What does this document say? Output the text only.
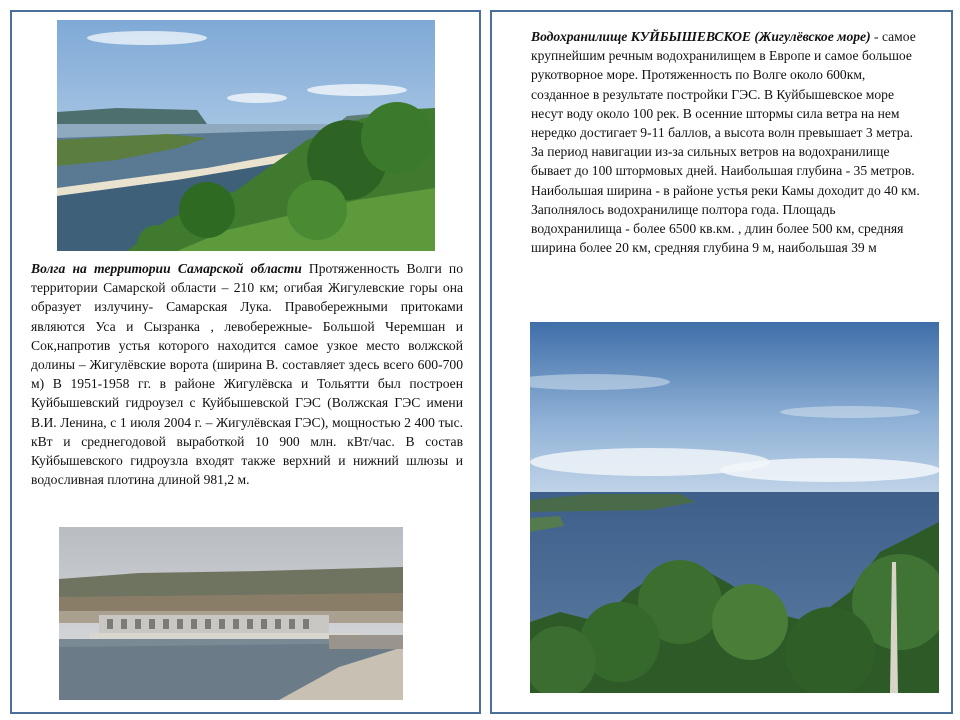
Волга на территории Самарской области Протяженность Волги по территории Самарской области – 210 км; огибая Жигулевские горы она образует излучину- Самарская Лука. Правобережными притоками являются Уса и Сызранка , левобережные- Большой Черемшан и Сок,напротив устья которого находится самое узкое место волжской долины – Жигулёвские ворота (ширина В. составляет здесь всего 600-700 м) В 1951-1958 гг. в районе Жигулёвска и Тольятти был построен Куйбышевский гидроузел с Куйбышевской ГЭС (Волжская ГЭС имени В.И. Ленина, с 1 июля 2004 г. – Жигулёвская ГЭС), мощностью 2 400 тыс. кВт и среднегодовой выработкой 10 900 млн. кВт/час. В состав Куйбышевского гидроузла входят также верхний и нижний шлюзы и водосливная плотина длиной 981,2 м.
Водохранилище КУЙБЫШЕВСКОЕ (Жигулёвское море) - самое крупнейшим речным водохранилищем в Европе и самое большое рукотворное море. Протяженность по Волге около 600км, созданное в результате постройки ГЭС. В Куйбышевское море несут воду около 100 рек. В осенние штормы сила ветра на нем нередко достигает 9-11 баллов, а высота волн превышает 3 метра. За период навигации из-за сильных ветров на водохранилище бывает до 100 штормовых дней. Наибольшая глубина - 35 метров. Наибольшая ширина - в районе устья реки Камы доходит до 40 км. Заполнялось водохранилище полтора года. Площадь водохранилища - более 6500 кв.км. , длин более 500 км, средняя ширина более 20 км, средняя глубина 9 м, наибольшая 39 м
